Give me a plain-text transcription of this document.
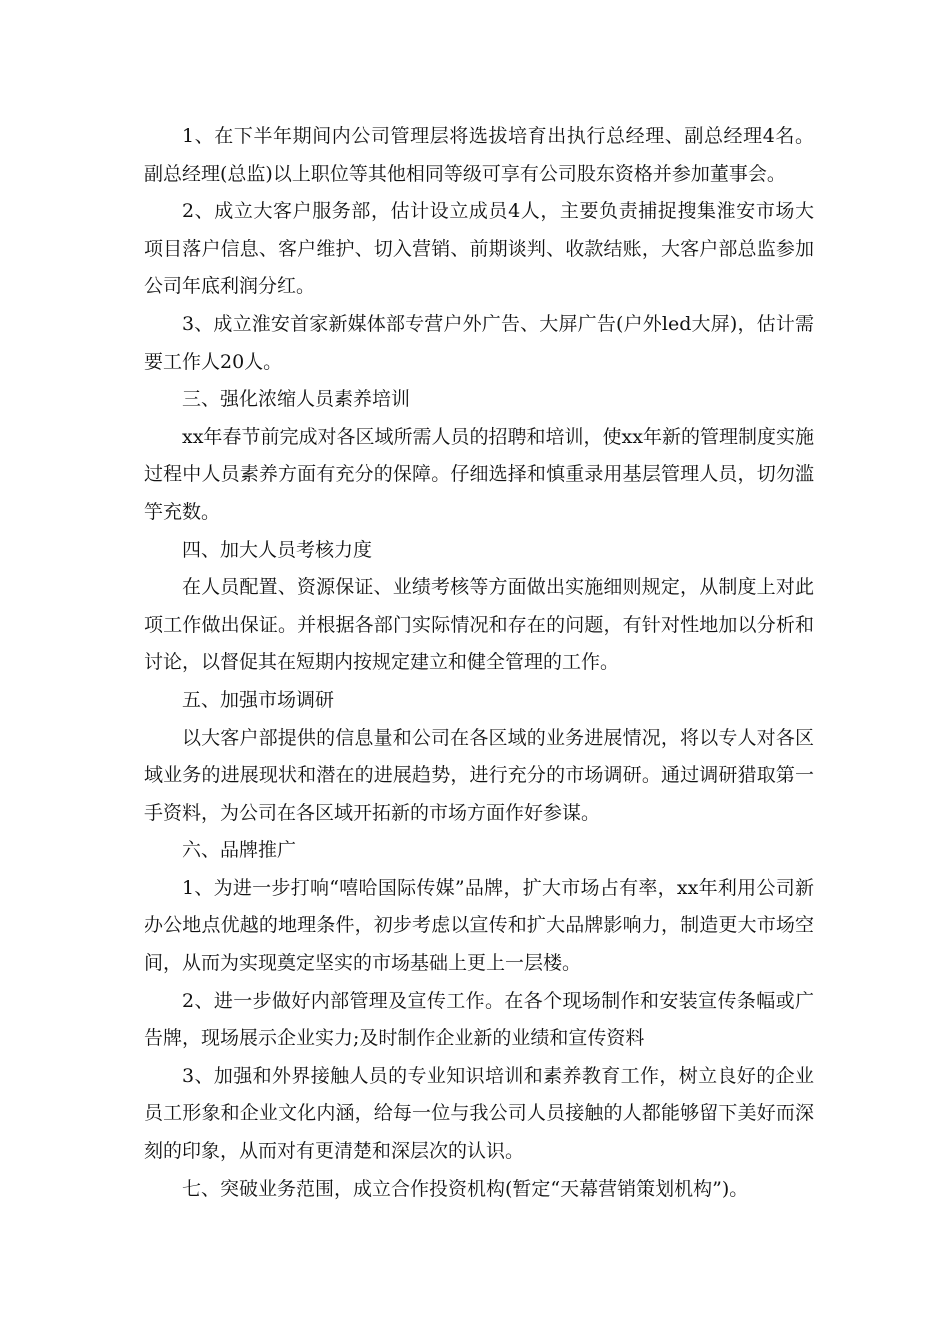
1、在下半年期间内公司管理层将选拔培育出执行总经理、副总经理4名。副总经理(总监)以上职位等其他相同等级可享有公司股东资格并参加董事会。

2、成立大客户服务部，估计设立成员4人，主要负责捕捉搜集淮安市场大项目落户信息、客户维护、切入营销、前期谈判、收款结账，大客户部总监参加公司年底利润分红。

3、成立淮安首家新媒体部专营户外广告、大屏广告(户外led大屏)，估计需要工作人20人。

三、强化浓缩人员素养培训

xx年春节前完成对各区域所需人员的招聘和培训，使xx年新的管理制度实施过程中人员素养方面有充分的保障。仔细选择和慎重录用基层管理人员，切勿滥竽充数。

四、加大人员考核力度

在人员配置、资源保证、业绩考核等方面做出实施细则规定，从制度上对此项工作做出保证。并根据各部门实际情况和存在的问题，有针对性地加以分析和讨论，以督促其在短期内按规定建立和健全管理的工作。

五、加强市场调研

以大客户部提供的信息量和公司在各区域的业务进展情况，将以专人对各区域业务的进展现状和潜在的进展趋势，进行充分的市场调研。通过调研猎取第一手资料，为公司在各区域开拓新的市场方面作好参谋。

六、品牌推广

1、为进一步打响“嘻哈国际传媒”品牌，扩大市场占有率，xx年利用公司新办公地点优越的地理条件，初步考虑以宣传和扩大品牌影响力，制造更大市场空间，从而为实现奠定坚实的市场基础上更上一层楼。

2、进一步做好内部管理及宣传工作。在各个现场制作和安装宣传条幅或广告牌，现场展示企业实力;及时制作企业新的业绩和宣传资料

3、加强和外界接触人员的专业知识培训和素养教育工作，树立良好的企业员工形象和企业文化内涵，给每一位与我公司人员接触的人都能够留下美好而深刻的印象，从而对有更清楚和深层次的认识。

七、突破业务范围，成立合作投资机构(暂定“天幕营销策划机构”)。
